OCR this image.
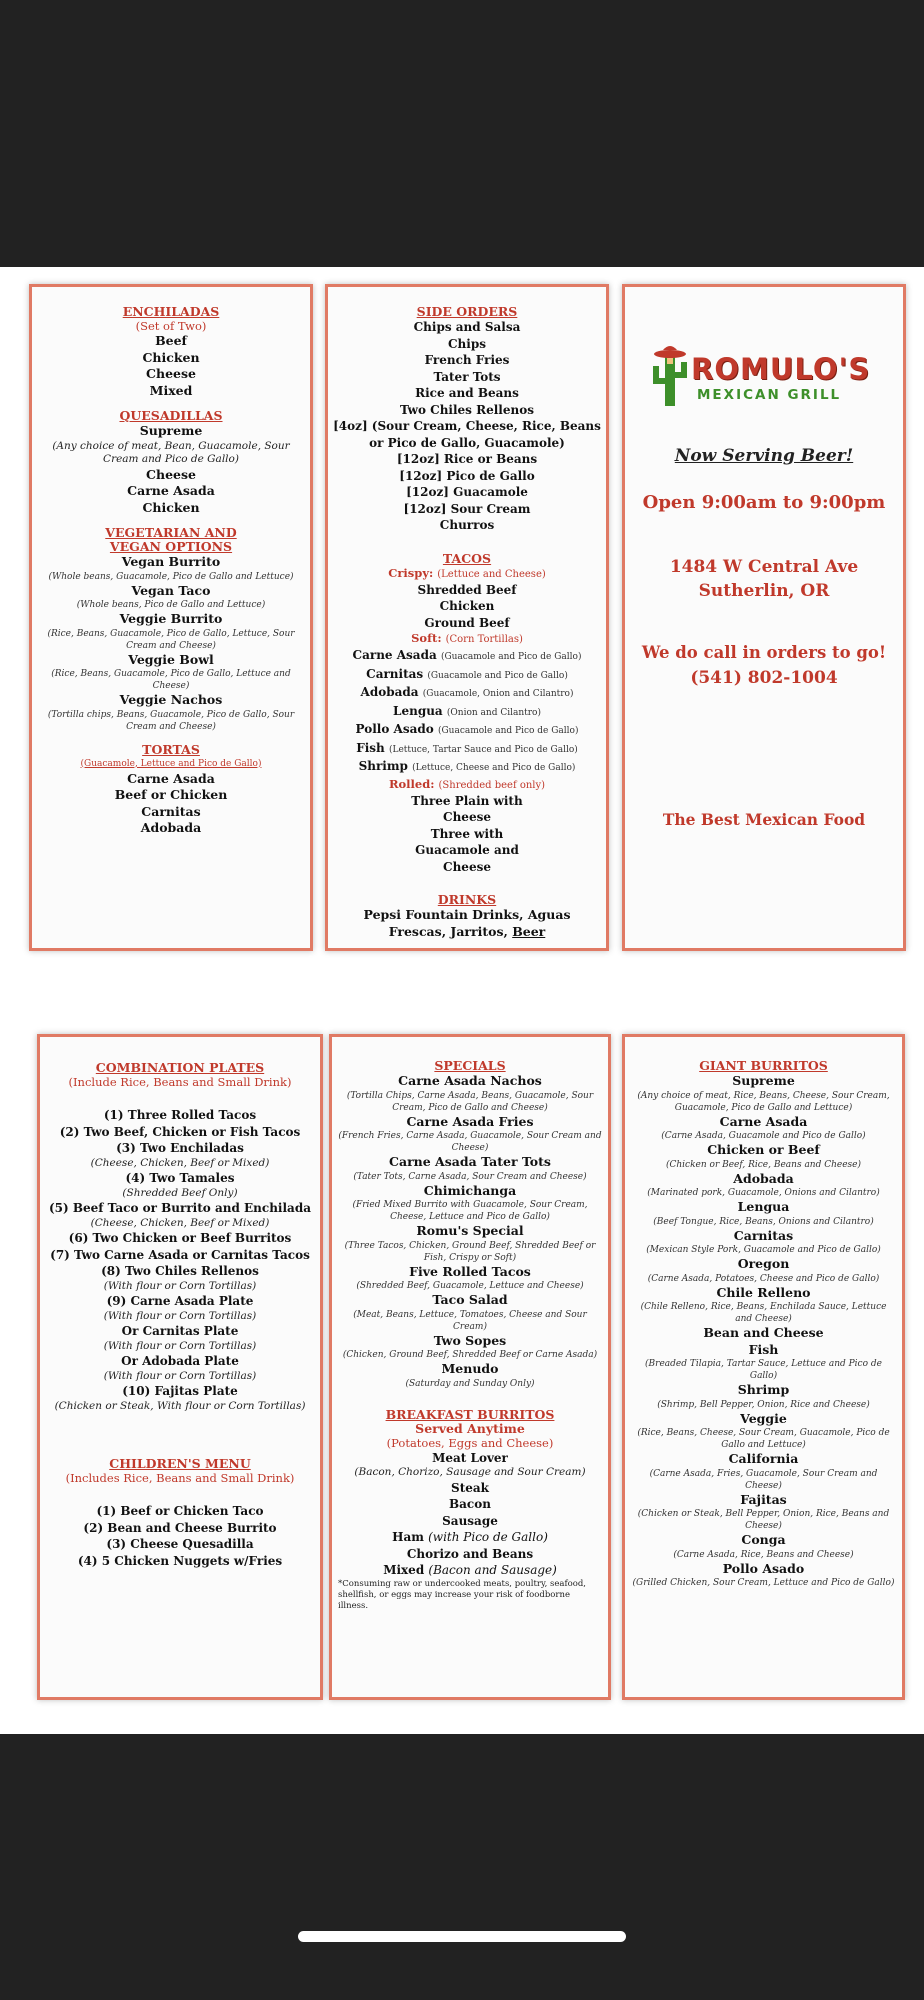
ENCHILADAS
(Set of Two)
Beef
Chicken
Cheese
Mixed
QUESADILLAS
Supreme
(Any choice of meat, Bean, Guacamole, Sour Cream and Pico de Gallo)
Cheese
Carne Asada
Chicken
VEGETARIAN AND VEGAN OPTIONS
Vegan Burrito
(Whole beans, Guacamole, Pico de Gallo and Lettuce)
Vegan Taco
(Whole beans, Pico de Gallo and Lettuce)
Veggie Burrito
(Rice, Beans, Guacamole, Pico de Gallo, Lettuce, Sour Cream and Cheese)
Veggie Bowl
(Rice, Beans, Guacamole, Pico de Gallo, Lettuce and Cheese)
Veggie Nachos
(Tortilla chips, Beans, Guacamole, Pico de Gallo, Sour Cream and Cheese)
TORTAS
(Guacamole, Lettuce and Pico de Gallo)
Carne Asada
Beef or Chicken
Carnitas
Adobada
SIDE ORDERS
Chips and Salsa
Chips
French Fries
Tater Tots
Rice and Beans
Two Chiles Rellenos
[4oz] (Sour Cream, Cheese, Rice, Beans or Pico de Gallo, Guacamole)
[12oz] Rice or Beans
[12oz] Pico de Gallo
[12oz] Guacamole
[12oz] Sour Cream
Churros
TACOS
Crispy: (Lettuce and Cheese)
Shredded Beef
Chicken
Ground Beef
Soft: (Corn Tortillas)
Carne Asada (Guacamole and Pico de Gallo)
Carnitas (Guacamole and Pico de Gallo)
Adobada (Guacamole, Onion and Cilantro)
Lengua (Onion and Cilantro)
Pollo Asado (Guacamole and Pico de Gallo)
Fish (Lettuce, Tartar Sauce and Pico de Gallo)
Shrimp (Lettuce, Cheese and Pico de Gallo)
Rolled: (Shredded beef only)
Three Plain with Cheese
Three with Guacamole and Cheese
DRINKS
Pepsi Fountain Drinks, Aguas Frescas, Jarritos, Beer
ROMULO'S
MEXICAN GRILL
Now Serving Beer!
Open 9:00am to 9:00pm
1484 W Central Ave
Sutherlin, OR
We do call in orders to go!
(541) 802-1004
The Best Mexican Food
COMBINATION PLATES
(Include Rice, Beans and Small Drink)
(1) Three Rolled Tacos
(2) Two Beef, Chicken or Fish Tacos
(3) Two Enchiladas
(Cheese, Chicken, Beef or Mixed)
(4) Two Tamales
(Shredded Beef Only)
(5) Beef Taco or Burrito and Enchilada
(Cheese, Chicken, Beef or Mixed)
(6) Two Chicken or Beef Burritos
(7) Two Carne Asada or Carnitas Tacos
(8) Two Chiles Rellenos
(With flour or Corn Tortillas)
(9) Carne Asada Plate
(With flour or Corn Tortillas)
Or Carnitas Plate
(With flour or Corn Tortillas)
Or Adobada Plate
(With flour or Corn Tortillas)
(10) Fajitas Plate
(Chicken or Steak, With flour or Corn Tortillas)
CHILDREN'S MENU
(Includes Rice, Beans and Small Drink)
(1) Beef or Chicken Taco
(2) Bean and Cheese Burrito
(3) Cheese Quesadilla
(4) 5 Chicken Nuggets w/Fries
SPECIALS
Carne Asada Nachos
(Tortilla Chips, Carne Asada, Beans, Guacamole, Sour Cream, Pico de Gallo and Cheese)
Carne Asada Fries
(French Fries, Carne Asada, Guacamole, Sour Cream and Cheese)
Carne Asada Tater Tots
(Tater Tots, Carne Asada, Sour Cream and Cheese)
Chimichanga
(Fried Mixed Burrito with Guacamole, Sour Cream, Cheese, Lettuce and Pico de Gallo)
Romu's Special
(Three Tacos, Chicken, Ground Beef, Shredded Beef or Fish, Crispy or Soft)
Five Rolled Tacos
(Shredded Beef, Guacamole, Lettuce and Cheese)
Taco Salad
(Meat, Beans, Lettuce, Tomatoes, Cheese and Sour Cream)
Two Sopes
(Chicken, Ground Beef, Shredded Beef or Carne Asada)
Menudo
(Saturday and Sunday Only)
BREAKFAST BURRITOS
Served Anytime
(Potatoes, Eggs and Cheese)
Meat Lover
(Bacon, Chorizo, Sausage and Sour Cream)
Steak
Bacon
Sausage
Ham (with Pico de Gallo)
Chorizo and Beans
Mixed (Bacon and Sausage)
*Consuming raw or undercooked meats, poultry, seafood, shellfish, or eggs may increase your risk of foodborne illness.
GIANT BURRITOS
Supreme
(Any choice of meat, Rice, Beans, Cheese, Sour Cream, Guacamole, Pico de Gallo and Lettuce)
Carne Asada
(Carne Asada, Guacamole and Pico de Gallo)
Chicken or Beef
(Chicken or Beef, Rice, Beans and Cheese)
Adobada
(Marinated pork, Guacamole, Onions and Cilantro)
Lengua
(Beef Tongue, Rice, Beans, Onions and Cilantro)
Carnitas
(Mexican Style Pork, Guacamole and Pico de Gallo)
Oregon
(Carne Asada, Potatoes, Cheese and Pico de Gallo)
Chile Relleno
(Chile Relleno, Rice, Beans, Enchilada Sauce, Lettuce and Cheese)
Bean and Cheese
Fish
(Breaded Tilapia, Tartar Sauce, Lettuce and Pico de Gallo)
Shrimp
(Shrimp, Bell Pepper, Onion, Rice and Cheese)
Veggie
(Rice, Beans, Cheese, Sour Cream, Guacamole, Pico de Gallo and Lettuce)
California
(Carne Asada, Fries, Guacamole, Sour Cream and Cheese)
Fajitas
(Chicken or Steak, Bell Pepper, Onion, Rice, Beans and Cheese)
Conga
(Carne Asada, Rice, Beans and Cheese)
Pollo Asado
(Grilled Chicken, Sour Cream, Lettuce and Pico de Gallo)
